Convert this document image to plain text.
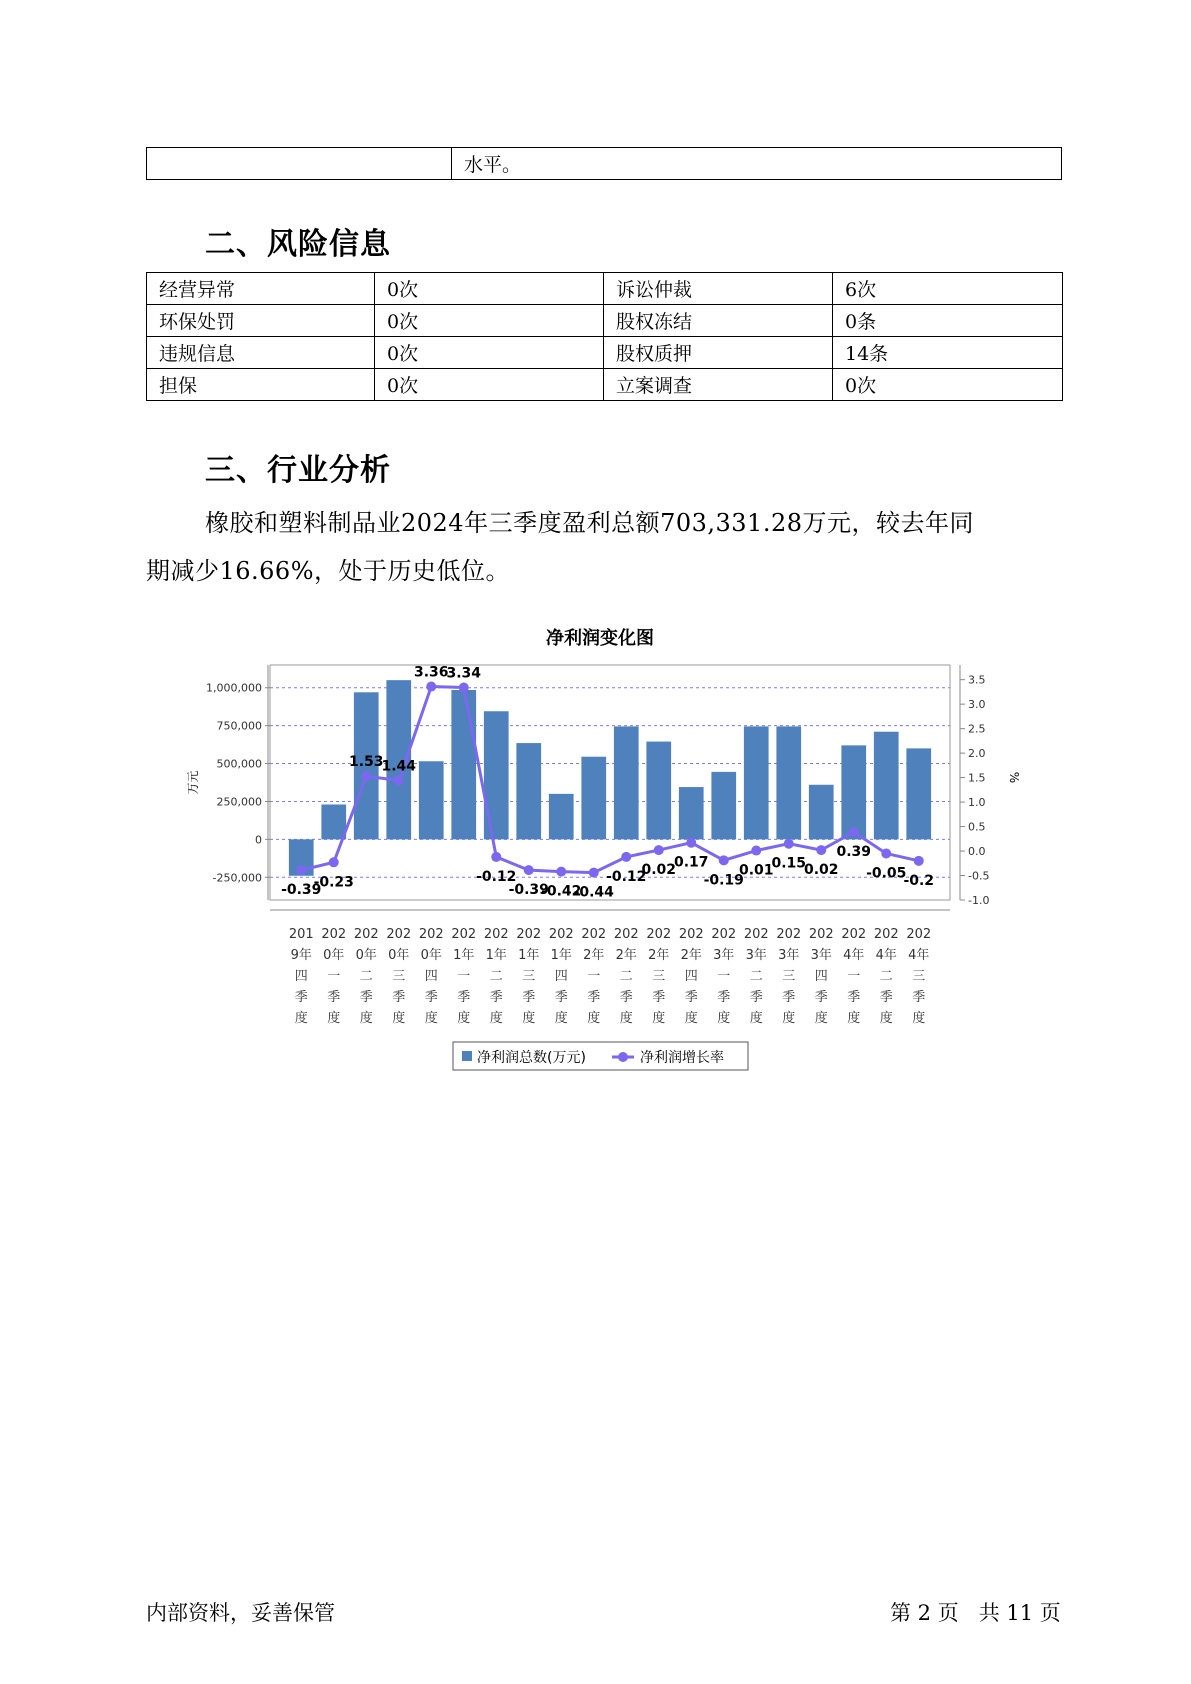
	水平。
二、风险信息
经营异常	0次	诉讼仲裁	6次
环保处罚	0次	股权冻结	0条
违规信息	0次	股权质押	14条
担保	0次	立案调查	0次
三、行业分析
橡胶和塑料制品业2024年三季度盈利总额703,331.28万元，较去年同
期减少16.66%，处于历史低位。
净利润变化图
1,000,000
750,000
500,000
250,000
0
-250,000
3.5
3.0
2.5
2.0
1.5
1.0
0.5
0.0
-0.5
-1.0
万元	%
-0.39
-0.23
1.53
1.44
3.36
3.34
-0.12
-0.39
-0.42
-0.44
-0.12
0.02
0.17
-0.19
0.01
0.15
0.02
0.39
-0.05
-0.2
201
9年
四
季
度
202
0年
一
季
度
202
0年
二
季
度
202
0年
三
季
度
202
0年
四
季
度
202
1年
一
季
度
202
1年
二
季
度
202
1年
三
季
度
202
1年
四
季
度
202
2年
一
季
度
202
2年
二
季
度
202
2年
三
季
度
202
2年
四
季
度
202
3年
一
季
度
202
3年
二
季
度
202
3年
三
季
度
202
3年
四
季
度
202
4年
一
季
度
202
4年
二
季
度
202
4年
三
季
度
净利润总数(万元)	净利润增长率
内部资料，妥善保管	第 2 页   共 11 页
